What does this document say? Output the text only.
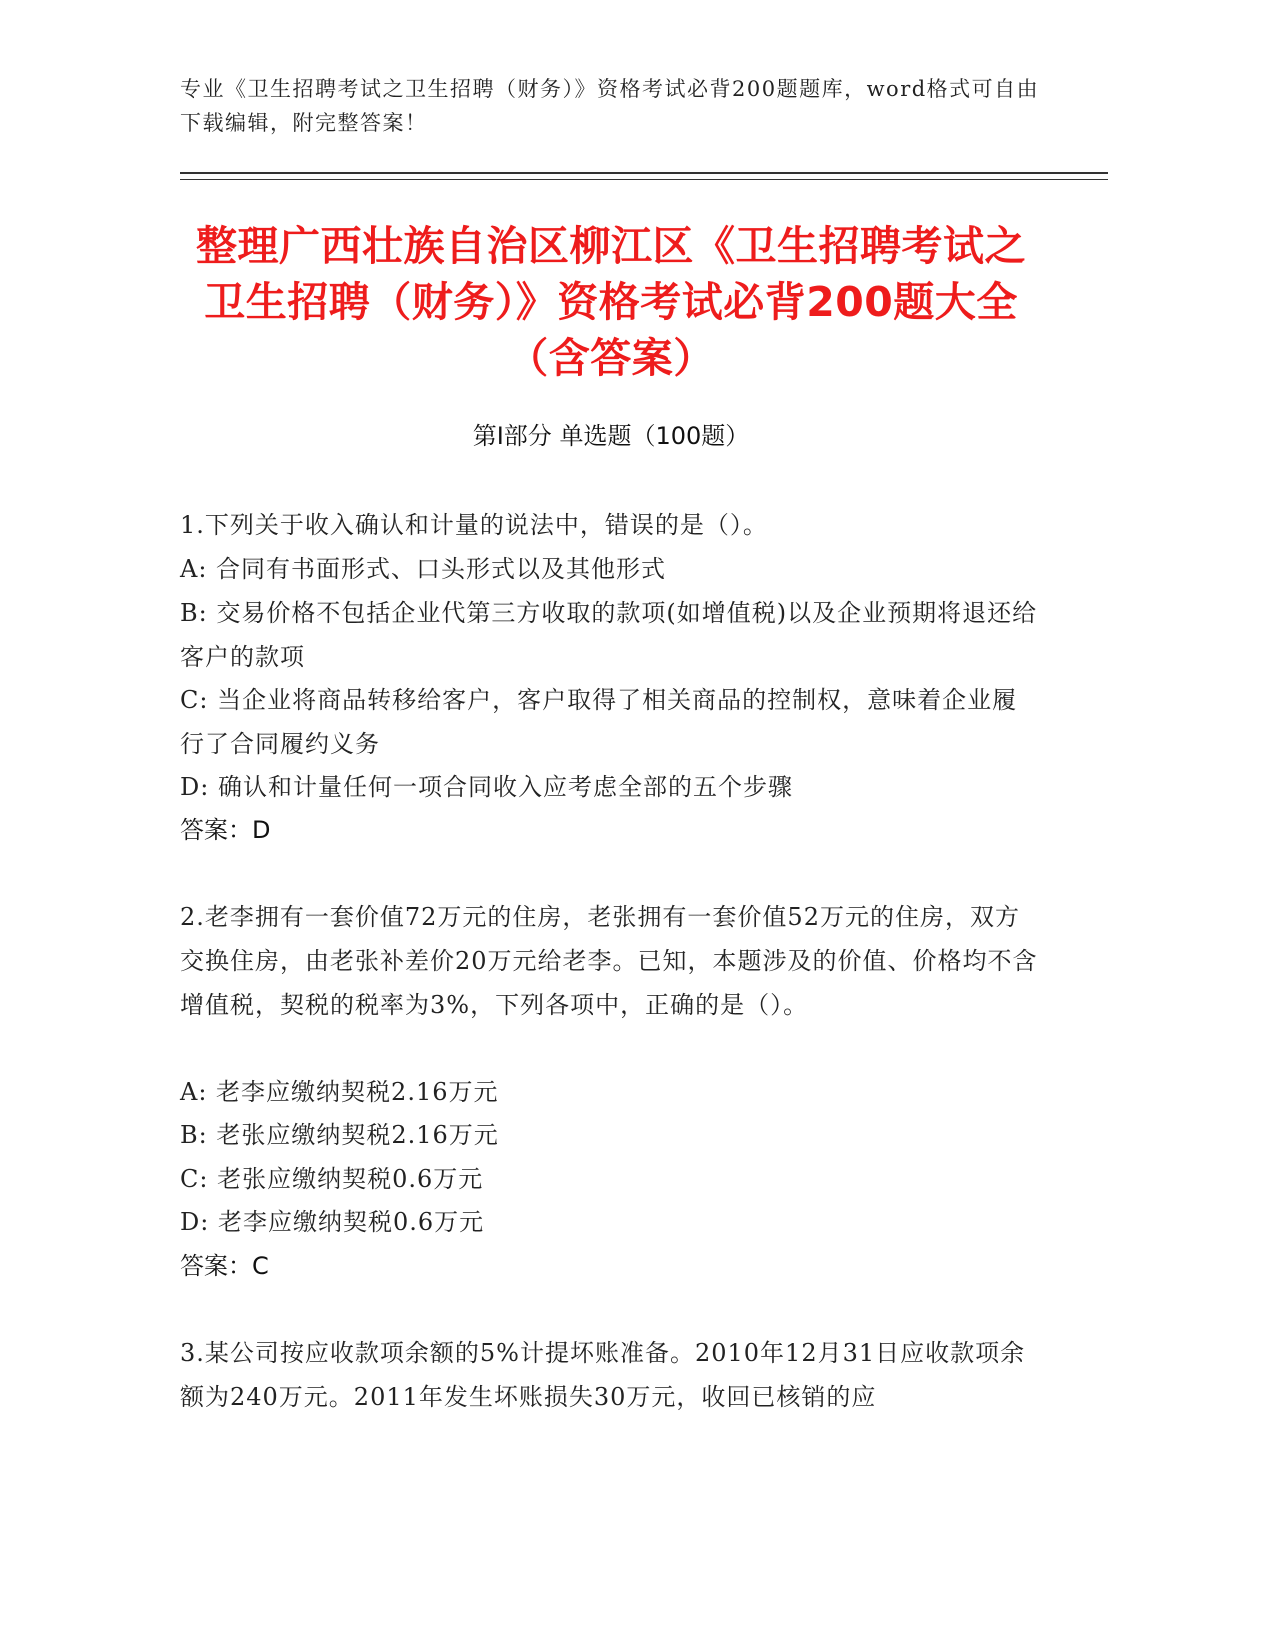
专业《卫生招聘考试之卫生招聘（财务）》资格考试必背200题题库，word格式可自由下载编辑，附完整答案！
整理广西壮族自治区柳江区《卫生招聘考试之卫生招聘（财务）》资格考试必背200题大全（含答案）
第Ⅰ部分 单选题（100题）
1.下列关于收入确认和计量的说法中，错误的是（）。
A: 合同有书面形式、口头形式以及其他形式
B: 交易价格不包括企业代第三方收取的款项(如增值税)以及企业预期将退还给客户的款项
C: 当企业将商品转移给客户，客户取得了相关商品的控制权，意味着企业履行了合同履约义务
D: 确认和计量任何一项合同收入应考虑全部的五个步骤
答案：D
2.老李拥有一套价值72万元的住房，老张拥有一套价值52万元的住房，双方交换住房，由老张补差价20万元给老李。已知，本题涉及的价值、价格均不含增值税，契税的税率为3%，下列各项中，正确的是（）。
A: 老李应缴纳契税2.16万元
B: 老张应缴纳契税2.16万元
C: 老张应缴纳契税0.6万元
D: 老李应缴纳契税0.6万元
答案：C
3.某公司按应收款项余额的5%计提坏账准备。2010年12月31日应收款项余额为240万元。2011年发生坏账损失30万元，收回已核销的应
